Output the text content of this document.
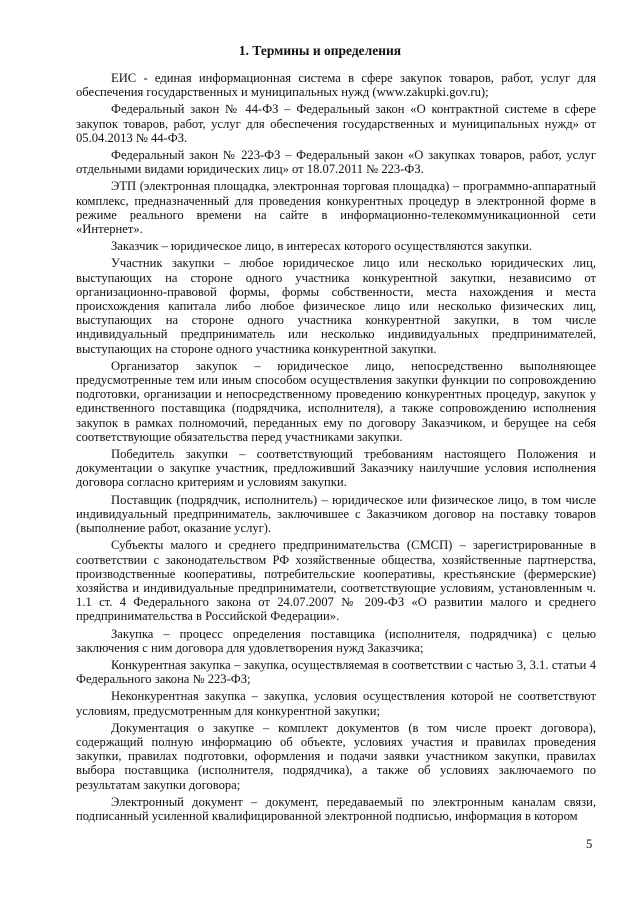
1. Термины и определения

ЕИС - единая информационная система в сфере закупок товаров, работ, услуг для обеспечения государственных и муниципальных нужд (www.zakupki.gov.ru);

Федеральный закон № 44-ФЗ – Федеральный закон «О контрактной системе в сфере закупок товаров, работ, услуг для обеспечения государственных и муниципальных нужд» от 05.04.2013 № 44-ФЗ.

Федеральный закон № 223-ФЗ – Федеральный закон «О закупках товаров, работ, услуг отдельными видами юридических лиц» от 18.07.2011 № 223-ФЗ.

ЭТП (электронная площадка, электронная торговая площадка) – программно-аппаратный комплекс, предназначенный для проведения конкурентных процедур в электронной форме в режиме реального времени на сайте в информационно-телекоммуникационной сети «Интернет».

Заказчик – юридическое лицо, в интересах которого осуществляются закупки.

Участник закупки – любое юридическое лицо или несколько юридических лиц, выступающих на стороне одного участника конкурентной закупки, независимо от организационно-правовой формы, формы собственности, места нахождения и места происхождения капитала либо любое физическое лицо или несколько физических лиц, выступающих на стороне одного участника конкурентной закупки, в том числе индивидуальный предприниматель или несколько индивидуальных предпринимателей, выступающих на стороне одного участника конкурентной закупки.

Организатор закупок – юридическое лицо, непосредственно выполняющее предусмотренные тем или иным способом осуществления закупки функции по сопровождению подготовки, организации и непосредственному проведению конкурентных процедур, закупок у единственного поставщика (подрядчика, исполнителя), а также сопровождению исполнения закупок в рамках полномочий, переданных ему по договору Заказчиком, и берущее на себя соответствующие обязательства перед участниками закупки.

Победитель закупки – соответствующий требованиям настоящего Положения и документации о закупке участник, предложивший Заказчику наилучшие условия исполнения договора согласно критериям и условиям закупки.

Поставщик (подрядчик, исполнитель) – юридическое или физическое лицо, в том числе индивидуальный предприниматель, заключившее с Заказчиком договор на поставку товаров (выполнение работ, оказание услуг).

Субъекты малого и среднего предпринимательства (СМСП) – зарегистрированные в соответствии с законодательством РФ хозяйственные общества, хозяйственные партнерства, производственные кооперативы, потребительские кооперативы, крестьянские (фермерские) хозяйства и индивидуальные предприниматели, соответствующие условиям, установленным ч. 1.1 ст. 4 Федерального закона от 24.07.2007 № 209-ФЗ «О развитии малого и среднего предпринимательства в Российской Федерации».

Закупка – процесс определения поставщика (исполнителя, подрядчика) с целью заключения с ним договора для удовлетворения нужд Заказчика;

Конкурентная закупка – закупка, осуществляемая в соответствии с частью 3, 3.1. статьи 4 Федерального закона № 223-ФЗ;

Неконкурентная закупка – закупка, условия осуществления которой не соответствуют условиям, предусмотренным для конкурентной закупки;

Документация о закупке – комплект документов (в том числе проект договора), содержащий полную информацию об объекте, условиях участия и правилах проведения закупки, правилах подготовки, оформления и подачи заявки участником закупки, правилах выбора поставщика (исполнителя, подрядчика), а также об условиях заключаемого по результатам закупки договора;

Электронный документ – документ, передаваемый по электронным каналам связи, подписанный усиленной квалифицированной электронной подписью, информация в котором

5
